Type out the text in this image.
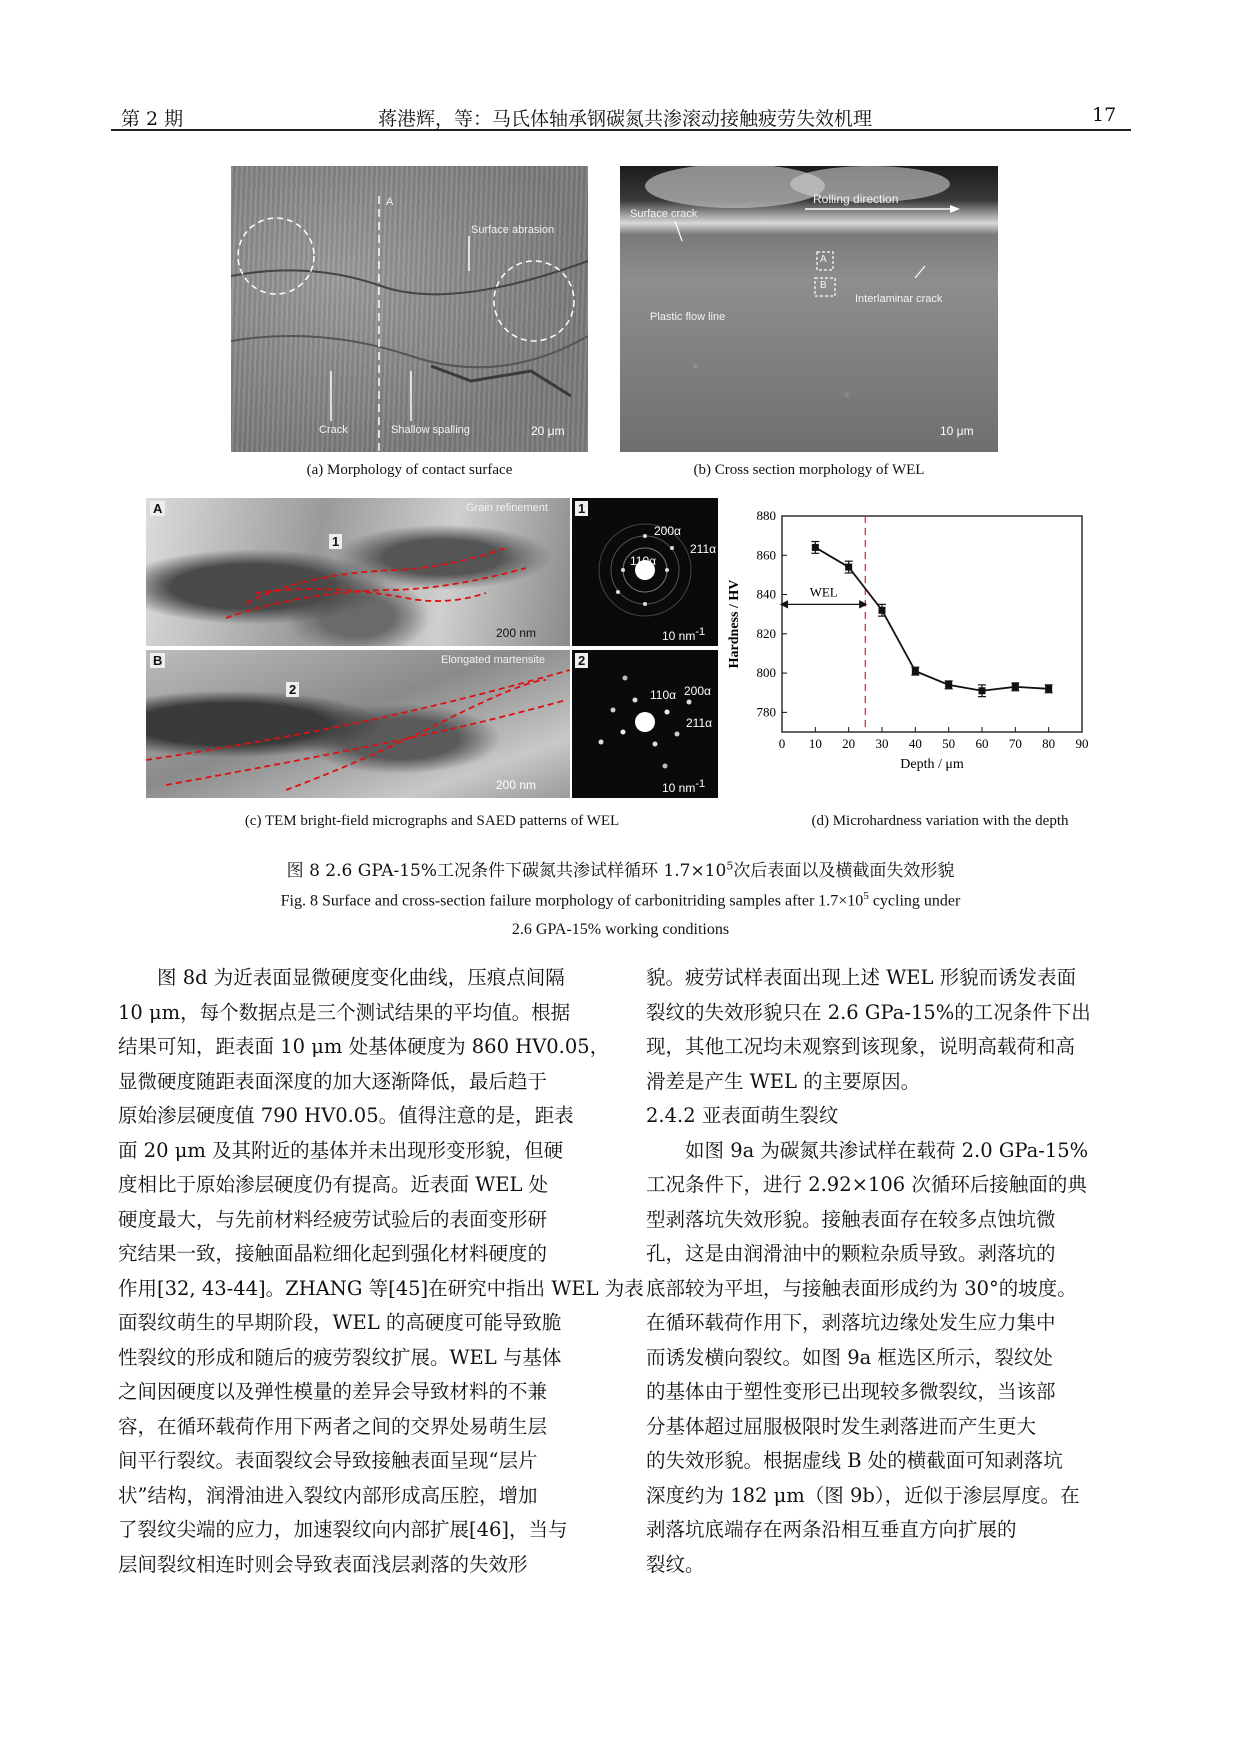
第 2 期	蒋港辉，等：马氏体轴承钢碳氮共渗滚动接触疲劳失效机理	17
A
Surface abrasion
Crack	Shallow spalling	20 μm
(a) Morphology of contact surface
Surface crack
Rolling direction
A
B
Interlaminar crack
Plastic flow line
10 μm
(b) Cross section morphology of WEL
A	Grain refinement
1
200 nm
B	Elongated martensite
2
200 nm
1
200α
110α
211α
10 $nm^{-1}$
2
110α 200α
211α
10 $nm^{-1}$
(c) TEM bright-field micrographs and SAED patterns of WEL
0 10 20 30 40 50 60 70 80 90
780
800
820
840
860
880
Depth / μm
Hardness / HV	WEL
(d) Microhardness variation with the depth
图 8 2.6 GPA-15%工况条件下碳氮共渗试样循环 $1.7\times 10^5$次后表面以及横截面失效形貌
Fig. 8 Surface and cross-section failure morphology of carbonitriding samples after $1.7\times 10^5$ cycling under
2.6 GPA-15% working conditions
图 8d 为近表面显微硬度变化曲线，压痕点间隔
10 μm，每个数据点是三个测试结果的平均值。根据
结果可知，距表面 10 μm 处基体硬度为 860 HV0.05，
显微硬度随距表面深度的加大逐渐降低，最后趋于
原始渗层硬度值 790 HV0.05。值得注意的是，距表
面 20 μm 及其附近的基体并未出现形变形貌，但硬
度相比于原始渗层硬度仍有提高。近表面 WEL 处
硬度最大，与先前材料经疲劳试验后的表面变形研
究结果一致，接触面晶粒细化起到强化材料硬度的
作用[32, 43-44]。ZHANG 等[45]在研究中指出 WEL 为表
面裂纹萌生的早期阶段，WEL 的高硬度可能导致脆
性裂纹的形成和随后的疲劳裂纹扩展。WEL 与基体
之间因硬度以及弹性模量的差异会导致材料的不兼
容，在循环载荷作用下两者之间的交界处易萌生层
间平行裂纹。表面裂纹会导致接触表面呈现“层片
状”结构，润滑油进入裂纹内部形成高压腔，增加
了裂纹尖端的应力，加速裂纹向内部扩展[46]，当与
层间裂纹相连时则会导致表面浅层剥落的失效形
貌。疲劳试样表面出现上述 WEL 形貌而诱发表面
裂纹的失效形貌只在 2.6 GPa-15%的工况条件下出
现，其他工况均未观察到该现象，说明高载荷和高
滑差是产生 WEL 的主要原因。
2.4.2 亚表面萌生裂纹
如图 9a 为碳氮共渗试样在载荷 2.0 GPa-15%
工况条件下，进行 2.92×106 次循环后接触面的典
型剥落坑失效形貌。接触表面存在较多点蚀坑微
孔，这是由润滑油中的颗粒杂质导致。剥落坑的
底部较为平坦，与接触表面形成约为 30°的坡度。
在循环载荷作用下，剥落坑边缘处发生应力集中
而诱发横向裂纹。如图 9a 框选区所示，裂纹处
的基体由于塑性变形已出现较多微裂纹，当该部
分基体超过屈服极限时发生剥落进而产生更大
的失效形貌。根据虚线 B 处的横截面可知剥落坑
深度约为 182 μm（图 9b），近似于渗层厚度。在
剥落坑底端存在两条沿相互垂直方向扩展的
裂纹。
